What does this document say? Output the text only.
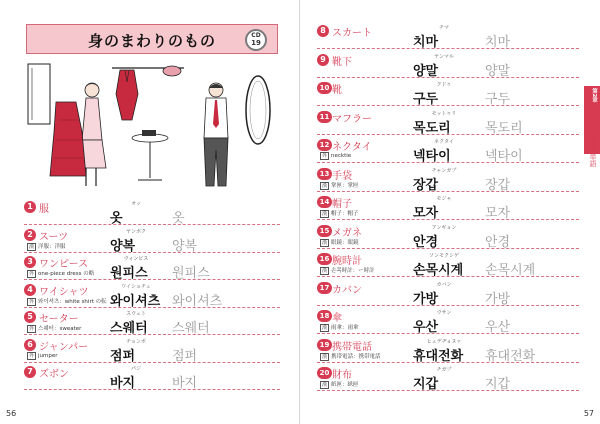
身のまわりのもの	CD
19
1 服	オッ
옷	옷
2 スーツ
漢 洋服：洋服
ヤンボク
양복	양복
3 ワンピース
外 one-piece dress の略
ウォンピス
원피스 원피스
4 ワイシャツ
外 와이셔츠：white shirt の転
ワイショチュ
와이셔츠 와이셔츠
5 セーター
外 스웨터：sweater
スウェト
스웨터 스웨터
6 ジャンパー
外 jumper
チョンポ
점퍼	점퍼
7 ズボン	パジ
바지	바지
56
8 スカート	チマ
치마	치마
9 靴下	ヤンマル
양말	양말
10 靴	クドゥ
구두	구두
11 マフラー	モットゥリ
목도리	목도리
12 ネクタイ
外 necktie
ネクタイ
넥타이	넥타이
13 手袋
漢 掌匣：掌匣
チャンガプ
장갑	장갑
14 帽子
漢 帽子：帽子
モジャ
모자	모자
15 メガネ
漢 眼鏡：眼鏡
アンギョン
안경	안경
16 腕時計
漢 손목時計：ー時計
ソンモクシゲ
손목시계 손목시계
17 カバン	カバン
가방	가방
18 傘
漢 雨傘：雨傘
ウサン
우산	우산
19 携帯電話
漢 携帯電話：携帯電話
ヒュデヂョヌァ
휴대전화 휴대전화
20 財布
漢 紙匣：紙匣
チガプ
지갑	지갑
第2章
基本の単語
57
